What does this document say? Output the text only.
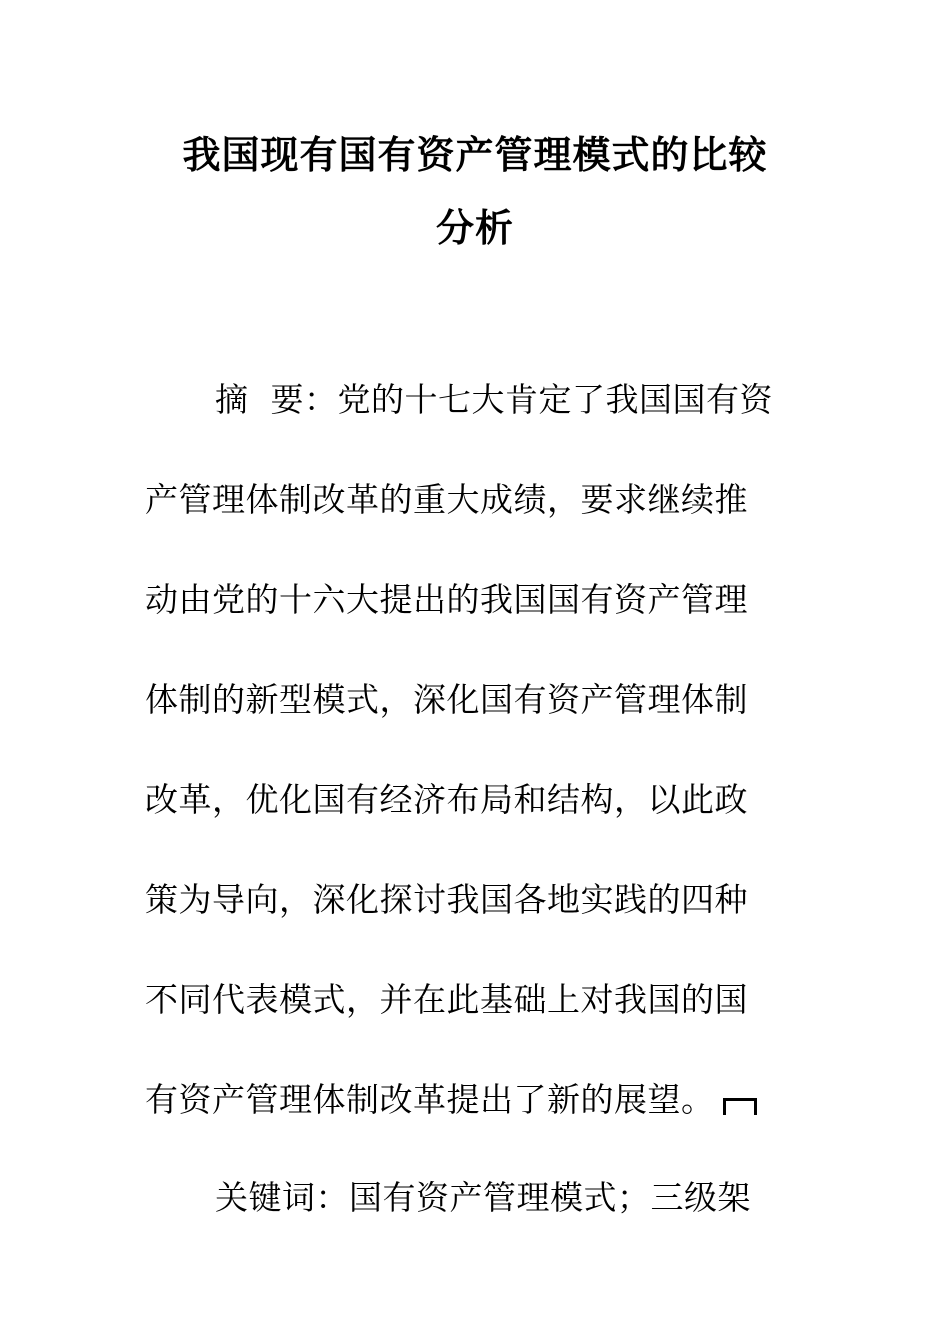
我国现有国有资产管理模式的比较
分析
摘 要：党的十七大肯定了我国国有资
产管理体制改革的重大成绩，要求继续推
动由党的十六大提出的我国国有资产管理
体制的新型模式，深化国有资产管理体制
改革，优化国有经济布局和结构，以此政
策为导向，深化探讨我国各地实践的四种
不同代表模式，并在此基础上对我国的国
有资产管理体制改革提出了新的展望。
关键词：国有资产管理模式；三级架
